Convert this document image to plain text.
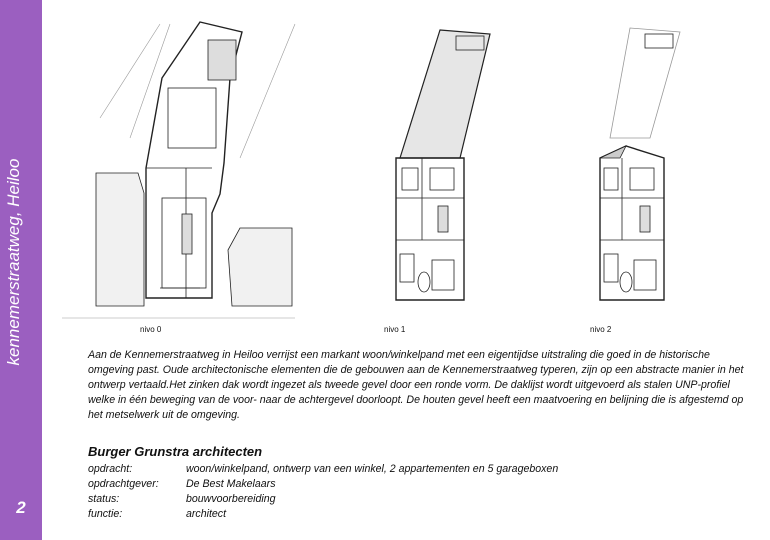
kennemerstraatweg, Heiloo
2
nivo 0	nivo 1	nivo 2
Aan de Kennemerstraatweg in Heiloo verrijst een markant woon/winkelpand met een eigentijdse uitstraling die goed in de historische omgeving past. Oude architectonische elementen die de gebouwen aan de Kennemerstraatweg typeren, zijn op een abstracte manier in het ontwerp vertaald.Het zinken dak wordt ingezet als tweede gevel door een ronde vorm. De daklijst wordt uitgevoerd als stalen UNP-profiel welke in één beweging van de voor- naar de achtergevel doorloopt. De houten gevel heeft een maatvoering en belijning die is afgestemd op het metselwerk uit de omgeving.
Burger Grunstra architecten
opdracht:	woon/winkelpand, ontwerp van een winkel, 2 appartementen en 5 garageboxen
opdrachtgever:	De Best Makelaars
status:	bouwvoorbereiding
functie:	architect
